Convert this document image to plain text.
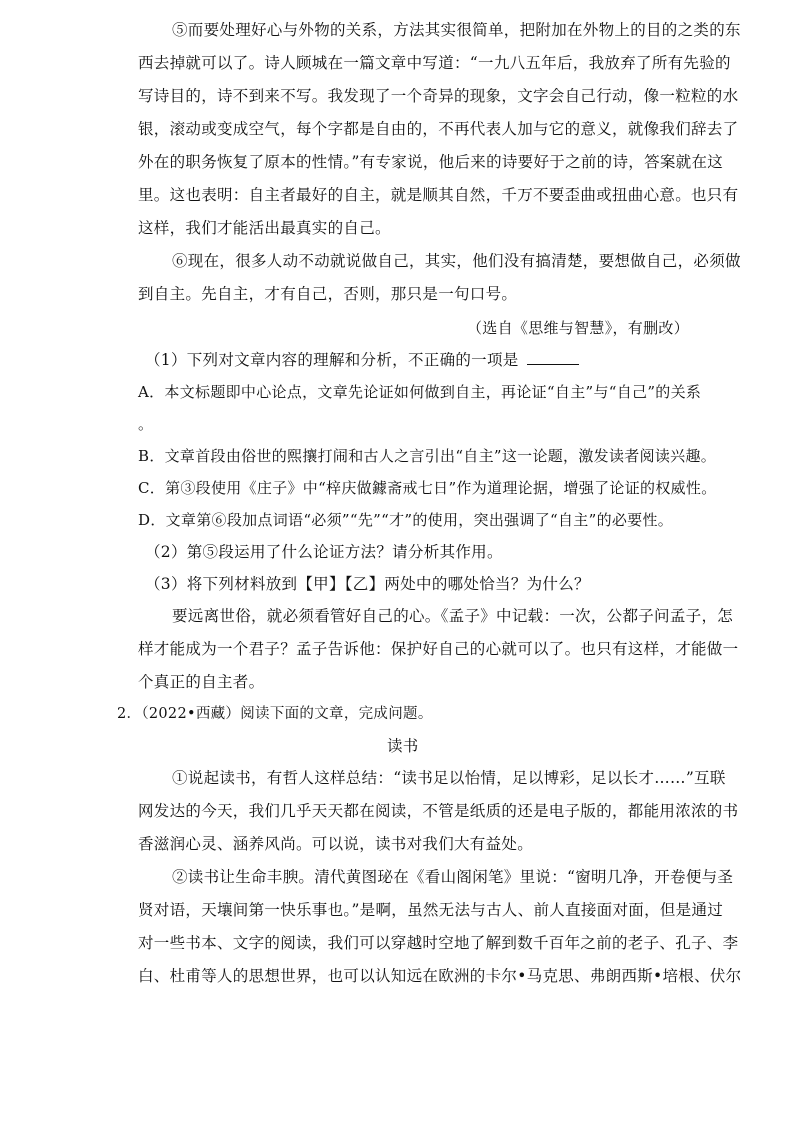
⑤而要处理好心与外物的关系，方法其实很简单，把附加在外物上的目的之类的东
西去掉就可以了。诗人顾城在一篇文章中写道：“一九八五年后，我放弃了所有先验的
写诗目的，诗不到来不写。我发现了一个奇异的现象，文字会自己行动，像一粒粒的水
银，滚动或变成空气，每个字都是自由的，不再代表人加与它的意义，就像我们辞去了
外在的职务恢复了原本的性情。”有专家说，他后来的诗要好于之前的诗，答案就在这
里。这也表明：自主者最好的自主，就是顺其自然，千万不要歪曲或扭曲心意。也只有
这样，我们才能活出最真实的自己。
⑥现在，很多人动不动就说做自己，其实，他们没有搞清楚，要想做自己，必须做
到自主。先自主，才有自己，否则，那只是一句口号。
（选自《思维与智慧》，有删改）
（1）下列对文章内容的理解和分析，不正确的一项是
A．本文标题即中心论点，文章先论证如何做到自主，再论证“自主”与“自己”的关系
。
B．文章首段由俗世的熙攘打闹和古人之言引出“自主”这一论题，激发读者阅读兴趣。
C．第③段使用《庄子》中“梓庆做鐻斋戒七日”作为道理论据，增强了论证的权威性。
D．文章第⑥段加点词语“必须”“先”“才”的使用，突出强调了“自主”的必要性。
（2）第⑤段运用了什么论证方法？请分析其作用。
（3）将下列材料放到【甲】【乙】两处中的哪处恰当？为什么？
要远离世俗，就必须看管好自己的心。《孟子》中记载：一次，公都子问孟子，怎
样才能成为一个君子？孟子告诉他：保护好自己的心就可以了。也只有这样，才能做一
个真正的自主者。
2．（2022•西藏）阅读下面的文章，完成问题。
读书
①说起读书，有哲人这样总结：“读书足以怡情，足以博彩，足以长才……”互联
网发达的今天，我们几乎天天都在阅读，不管是纸质的还是电子版的，都能用浓浓的书
香滋润心灵、涵养风尚。可以说，读书对我们大有益处。
②读书让生命丰腴。清代黄图珌在《看山阁闲笔》里说：“窗明几净，开卷便与圣
贤对语，天壤间第一快乐事也。”是啊，虽然无法与古人、前人直接面对面，但是通过
对一些书本、文字的阅读，我们可以穿越时空地了解到数千百年之前的老子、孔子、李
白、杜甫等人的思想世界，也可以认知远在欧洲的卡尔•马克思、弗朗西斯•培根、伏尔
